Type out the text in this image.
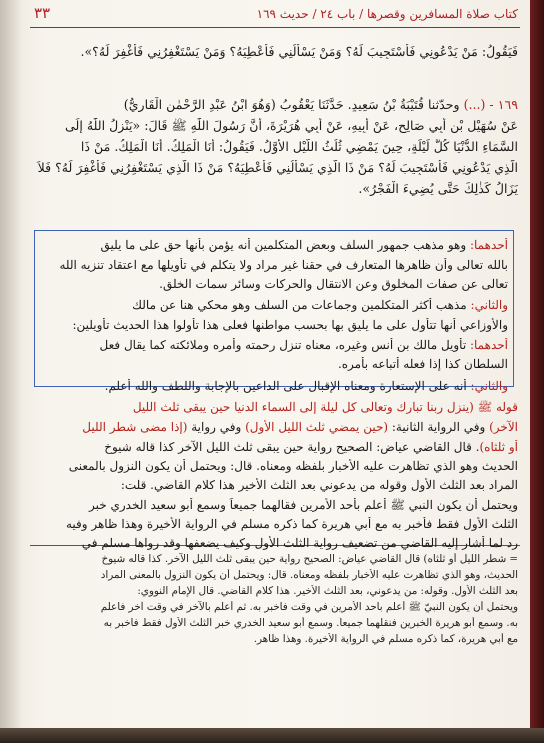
كتاب صلاة المسافرين وقصرها / باب ٢٤ / حديث ١٦٩
٣٣
فَيَقُولُ: مَنْ يَدْعُونِي فَأَسْتَجِيبَ لَهُ؟ وَمَنْ يَسْأَلُنِي فَأُعْطِيَهُ؟ وَمَنْ يَسْتَغْفِرُنِي فَأَغْفِرَ لَهُ؟».
١٦٩ - (...) وحدّثنا قُتَيْبَةُ بْنُ سَعِيدٍ. حَدَّثَنَا يَعْقُوبُ (وَهُوَ ابْنُ عَبْدِ الرَّحْمٰنِ الْقَارِيُّ)
عَنْ سُهَيْلِ بْنِ أَبِي صَالِحٍ، عَنْ أَبِيهِ، عَنْ أَبِي هُرَيْرَةَ، أَنَّ رَسُولَ اللّٰهِ ﷺ قَالَ: «يَنْزِلُ اللّٰهُ إِلَى
السَّمَاءِ الدُّنْيَا كُلَّ لَيْلَةٍ، حِينَ يَمْضِي ثُلُثُ اللَّيْلِ الأَوَّلُ. فَيَقُولُ: أَنَا الْمَلِكُ. أَنَا الْمَلِكُ. مَنْ ذَا
الَّذِي يَدْعُونِي فَأَسْتَجِيبَ لَهُ؟ مَنْ ذَا الَّذِي يَسْأَلُنِي فَأُعْطِيَهُ؟ مَنْ ذَا الَّذِي يَسْتَغْفِرُنِي فَأَغْفِرَ لَهُ؟ فَلاَ
يَزَالُ كَذٰلِكَ حَتَّى يُضِيءَ الْفَجْرُ».
أحدهما: وهو مذهب جمهور السلف وبعض المتكلمين أنه يؤمن بأنها حق على ما يليق
بالله تعالى وأن ظاهرها المتعارف في حقنا غير مراد ولا يتكلم في تأويلها مع اعتقاد تنزيه الله
تعالى عن صفات المخلوق وعن الانتقال والحركات وسائر سمات الخلق.
والثاني: مذهب أكثر المتكلمين وجماعات من السلف وهو محكي هنا عن مالك
والأوزاعي أنها تتأول على ما يليق بها بحسب مواطنها فعلى هذا تأولوا هذا الحديث تأويلين:
أحدهما: تأويل مالك بن أنس وغيره، معناه تنزل رحمته وأمره وملائكته كما يقال فعل
السلطان كذا إذا فعله أتباعه بأمره.
والثاني: أنه على الإستعارة ومعناه الإقبال على الداعين بالإجابة واللطف والله أعلم.
قوله ﷺ (ينزل ربنا تبارك وتعالى كل ليلة إلى السماء الدنيا حين يبقى ثلث الليل
الآخر) وفي الرواية الثانية: (حين يمضي ثلث الليل الأول) وفي رواية (إذا مضى شطر الليل
أو ثلثاه). قال القاضي عياض: الصحيح رواية حين يبقى ثلث الليل الآخر كذا قاله شيوخ
الحديث وهو الذي تظاهرت عليه الأخبار بلفظه ومعناه. قال: ويحتمل أن يكون النزول بالمعنى
المراد بعد الثلث الأول وقوله من يدعوني بعد الثلث الأخير هذا كلام القاضي. قلت:
ويحتمل أن يكون النبي ﷺ أعلم بأحد الأمرين فقالهما جميعاً وسمع أبو سعيد الخدري خبر
الثلث الأول فقط فأخبر به مع أبي هريرة كما ذكره مسلم في الرواية الأخيرة وهذا ظاهر وفيه
رد لما أشار إليه القاضي من تضعيف رواية الثلث الأول وكيف يضعفها وقد رواها مسلم في
= شطر الليل أو ثلثاه) قال القاضي عياض: الصحيح رواية حين يبقى ثلث الليل الآخر. كذا قاله شيوخ
الحديث، وهو الذي تظاهرت عليه الأخبار بلفظه ومعناه. قال: ويحتمل أن يكون النزول بالمعنى المراد
بعد الثلث الأول. وقوله: من يدعوني، بعد الثلث الأخير. هذا كلام القاضي. قال الإمام النووي:
ويحتمل أن يكون النبيّ ﷺ أُعلم بأحد الأمرين في وقت فأخبر به. ثم أُعلم بالآخر في وقت آخر فأعلم
به. وسمع أبو هريرة الخبرين فنقلهما جميعاً. وسمع أبو سعيد الخدري خبر الثلث الأول فقط فأخبر به
مع أبي هريرة، كما ذكره مسلم في الرواية الأخيرة. وهذا ظاهر.
